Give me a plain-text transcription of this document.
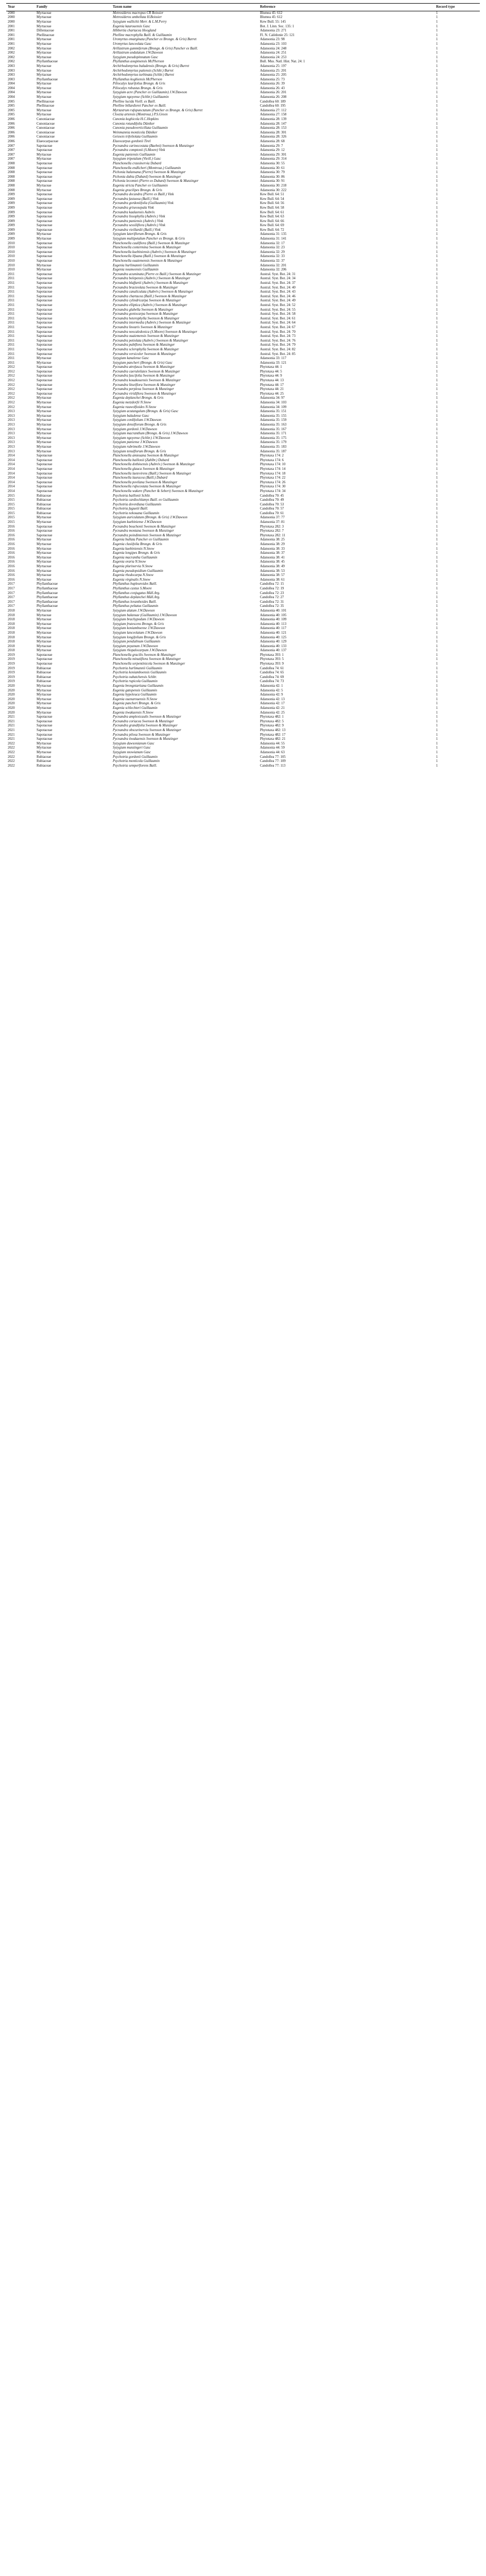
Year	Family	Taxon name	Reference	Record type
2000	Myrtaceae	Metrosideros macropus CR Boissier	Blumea 45: 612	1
2000	Myrtaceae	Metrosideros umbellata H.Boissier	Blumea 45: 612	1
2000	Myrtaceae	Syzygium wallichii Merr. & L.M.Perry	Kew Bull. 55: 145	1
2001	Myrtaceae	Eugenia kaurouensis Gasc	Bot. J. Linn. Soc. 135: 1	1
2001	Dilleniaceae	Hibbertia chartacea Hoogland	Adansonia 23: 271	1
2001	Phellinaceae	Phelline macrophylla Baill. & Guillaumin	Fl. N. Calédonie 25: 121	1
2001	Myrtaceae	Uromyrtus emarginata (Pancher ex Brongn. & Gris) Burret	Adansonia 23: 98	1
2001	Myrtaceae	Uromyrtus lanceolata Gasc	Adansonia 23: 103	1
2002	Myrtaceae	Arillastrum gummiferum (Brongn. & Gris) Pancher ex Baill.	Adansonia 24: 248	1
2002	Myrtaceae	Arillastrum undulatum J.W.Dawson	Adansonia 24: 251	1
2002	Myrtaceae	Syzygium pseudopinnatum Gasc	Adansonia 24: 253	1
2002	Phyllanthaceae	Phyllanthus aoupinensis McPherson	Bull. Mus. Natl. Hist. Nat. 24: 1	1
2003	Myrtaceae	Archirhodomyrtus baladensis (Brongn. & Gris) Burret	Adansonia 25: 197	1
2003	Myrtaceae	Archirhodomyrtus paitensis (Schltr.) Burret	Adansonia 25: 201	1
2003	Myrtaceae	Archirhodomyrtus turbinata (Schltr.) Burret	Adansonia 25: 205	1
2003	Phyllanthaceae	Phyllanthus koghiensis McPherson	Adansonia 25: 73	1
2004	Myrtaceae	Piliocalyx laurifolius Brongn. & Gris	Adansonia 26: 39	1
2004	Myrtaceae	Piliocalyx robustus Brongn. & Gris	Adansonia 26: 43	1
2004	Myrtaceae	Syzygium acre (Pancher ex Guillaumin) J.W.Dawson	Adansonia 26: 201	1
2004	Myrtaceae	Syzygium ngoyense (Schltr.) Guillaumin	Adansonia 26: 208	1
2005	Phellinaceae	Phelline lucida Vieill. ex Baill.	Candollea 60: 189	1
2005	Phellinaceae	Phelline billardierei Pancher ex Baill.	Candollea 60: 195	1
2005	Myrtaceae	Myrtastrum rufopunctatum (Pancher ex Brongn. & Gris) Burret	Adansonia 27: 112	1
2005	Myrtaceae	Cloezia artensis (Montrouz.) P.S.Green	Adansonia 27: 158	1
2006	Cunoniaceae	Cunonia koghicola H.C.Hopkins	Adansonia 28: 139	1
2006	Cunoniaceae	Cunonia rotundifolia Däniker	Adansonia 28: 147	1
2006	Cunoniaceae	Cunonia pseudoverticillata Guillaumin	Adansonia 28: 153	1
2006	Cunoniaceae	Weinmannia monticola Däniker	Adansonia 28: 301	1
2006	Cunoniaceae	Geissois trifoliolata Guillaumin	Adansonia 28: 326	1
2006	Elaeocarpaceae	Elaeocarpus gordonii Tirel	Adansonia 28: 68	1
2007	Sapotaceae	Pycnandra carinocostata (Baehni) Swenson & Munzinger	Adansonia 29: 7	1
2007	Sapotaceae	Pycnandra comptonii (S.Moore) Vink	Adansonia 29: 12	1
2007	Myrtaceae	Eugenia paniensis Guillaumin	Adansonia 29: 301	1
2007	Myrtaceae	Syzygium tripetalum (Vieill.) Gasc	Adansonia 29: 314	1
2008	Sapotaceae	Planchonella crassinervia Dubard	Adansonia 30: 55	1
2008	Sapotaceae	Planchonella endlicheri (Montrouz.) Guillaumin	Adansonia 30: 61	1
2008	Sapotaceae	Pichonia balansana (Pierre) Swenson & Munzinger	Adansonia 30: 79	1
2008	Sapotaceae	Pichonia dubia (Dubard) Swenson & Munzinger	Adansonia 30: 86	1
2008	Sapotaceae	Pichonia lecomtei (Pierre ex Dubard) Swenson & Munzinger	Adansonia 30: 91	1
2008	Myrtaceae	Eugenia stricta Pancher ex Guillaumin	Adansonia 30: 218	1
2008	Myrtaceae	Eugenia gracilipes Brongn. & Gris	Adansonia 30: 222	1
2009	Sapotaceae	Pycnandra decandra (Pierre ex Baill.) Vink	Kew Bull. 64: 51	1
2009	Sapotaceae	Pycnandra fastuosa (Baill.) Vink	Kew Bull. 64: 54	1
2009	Sapotaceae	Pycnandra gordoniifolia (Guillaumin) Vink	Kew Bull. 64: 56	1
2009	Sapotaceae	Pycnandra griseosepala Vink	Kew Bull. 64: 58	1
2009	Sapotaceae	Pycnandra kaalaensis Aubrév.	Kew Bull. 64: 61	1
2009	Sapotaceae	Pycnandra lissophylla (Aubrév.) Vink	Kew Bull. 64: 63	1
2009	Sapotaceae	Pycnandra paniensis (Aubrév.) Vink	Kew Bull. 64: 66	1
2009	Sapotaceae	Pycnandra sessiliflora (Aubrév.) Vink	Kew Bull. 64: 69	1
2009	Sapotaceae	Pycnandra vieillardii (Baill.) Vink	Kew Bull. 64: 72	1
2009	Myrtaceae	Syzygium lateriflorum Brongn. & Gris	Adansonia 31: 135	1
2009	Myrtaceae	Syzygium multipetalum Pancher ex Brongn. & Gris	Adansonia 31: 141	1
2010	Sapotaceae	Planchonella cauliflora (Baill.) Swenson & Munzinger	Adansonia 32: 17	1
2010	Sapotaceae	Planchonella contermina Swenson & Munzinger	Adansonia 32: 23	1
2010	Sapotaceae	Planchonella kuebiniensis (Aubrév.) Swenson & Munzinger	Adansonia 32: 29	1
2010	Sapotaceae	Planchonella lifuana (Baill.) Swenson & Munzinger	Adansonia 32: 33	1
2010	Sapotaceae	Planchonella ouaiemensis Swenson & Munzinger	Adansonia 32: 37	1
2010	Myrtaceae	Eugenia hurlimannii Guillaumin	Adansonia 32: 201	1
2010	Myrtaceae	Eugenia noumeensis Guillaumin	Adansonia 32: 206	1
2011	Sapotaceae	Pycnandra acuminata (Pierre ex Baill.) Swenson & Munzinger	Austral. Syst. Bot. 24: 31	1
2011	Sapotaceae	Pycnandra belepensis (Aubrév.) Swenson & Munzinger	Austral. Syst. Bot. 24: 34	1
2011	Sapotaceae	Pycnandra blaffartii (Aubrév.) Swenson & Munzinger	Austral. Syst. Bot. 24: 37	1
2011	Sapotaceae	Pycnandra bracteolata Swenson & Munzinger	Austral. Syst. Bot. 24: 40	1
2011	Sapotaceae	Pycnandra canaliculata (Aubrév.) Swenson & Munzinger	Austral. Syst. Bot. 24: 43	1
2011	Sapotaceae	Pycnandra chartacea (Baill.) Swenson & Munzinger	Austral. Syst. Bot. 24: 46	1
2011	Sapotaceae	Pycnandra cylindricarpa Swenson & Munzinger	Austral. Syst. Bot. 24: 49	1
2011	Sapotaceae	Pycnandra elliptica (Aubrév.) Swenson & Munzinger	Austral. Syst. Bot. 24: 52	1
2011	Sapotaceae	Pycnandra glabella Swenson & Munzinger	Austral. Syst. Bot. 24: 55	1
2011	Sapotaceae	Pycnandra goniocarpa Swenson & Munzinger	Austral. Syst. Bot. 24: 58	1
2011	Sapotaceae	Pycnandra heterophylla Swenson & Munzinger	Austral. Syst. Bot. 24: 61	1
2011	Sapotaceae	Pycnandra intermedia (Aubrév.) Swenson & Munzinger	Austral. Syst. Bot. 24: 64	1
2011	Sapotaceae	Pycnandra linearis Swenson & Munzinger	Austral. Syst. Bot. 24: 67	1
2011	Sapotaceae	Pycnandra neocaledonica (S.Moore) Swenson & Munzinger	Austral. Syst. Bot. 24: 70	1
2011	Sapotaceae	Pycnandra ouaiemensis Swenson & Munzinger	Austral. Syst. Bot. 24: 73	1
2011	Sapotaceae	Pycnandra petiolata (Aubrév.) Swenson & Munzinger	Austral. Syst. Bot. 24: 76	1
2011	Sapotaceae	Pycnandra pubiflora Swenson & Munzinger	Austral. Syst. Bot. 24: 79	1
2011	Sapotaceae	Pycnandra sclerophylla Swenson & Munzinger	Austral. Syst. Bot. 24: 82	1
2011	Sapotaceae	Pycnandra versicolor Swenson & Munzinger	Austral. Syst. Bot. 24: 85	1
2011	Myrtaceae	Syzygium kanalense Gasc	Adansonia 33: 117	1
2011	Myrtaceae	Syzygium pancheri (Brongn. & Gris) Gasc	Adansonia 33: 121	1
2012	Sapotaceae	Pycnandra atrofusca Swenson & Munzinger	Phytotaxa 44: 1	1
2012	Sapotaceae	Pycnandra caeruleilatex Swenson & Munzinger	Phytotaxa 44: 5	1
2012	Sapotaceae	Pycnandra fuscifolia Swenson & Munzinger	Phytotaxa 44: 9	1
2012	Sapotaceae	Pycnandra kouakouensis Swenson & Munzinger	Phytotaxa 44: 13	1
2012	Sapotaceae	Pycnandra litseiflora Swenson & Munzinger	Phytotaxa 44: 17	1
2012	Sapotaceae	Pycnandra perplexa Swenson & Munzinger	Phytotaxa 44: 21	1
2012	Sapotaceae	Pycnandra viridiflora Swenson & Munzinger	Phytotaxa 44: 25	1
2012	Myrtaceae	Eugenia deplanchei Brongn. & Gris	Adansonia 34: 97	1
2012	Myrtaceae	Eugenia metzdorfii N.Snow	Adansonia 34: 103	1
2012	Myrtaceae	Eugenia rauwolfioides N.Snow	Adansonia 34: 109	1
2013	Myrtaceae	Syzygium acutangulum (Brongn. & Gris) Gasc	Adansonia 35: 151	1
2013	Myrtaceae	Syzygium baladense Gasc	Adansonia 35: 155	1
2013	Myrtaceae	Syzygium cordifolium J.W.Dawson	Adansonia 35: 159	1
2013	Myrtaceae	Syzygium densiflorum Brongn. & Gris	Adansonia 35: 163	1
2013	Myrtaceae	Syzygium gordonii J.W.Dawson	Adansonia 35: 167	1
2013	Myrtaceae	Syzygium macranthum (Brongn. & Gris) J.W.Dawson	Adansonia 35: 171	1
2013	Myrtaceae	Syzygium ngoyense (Schltr.) J.W.Dawson	Adansonia 35: 175	1
2013	Myrtaceae	Syzygium paniense J.W.Dawson	Adansonia 35: 179	1
2013	Myrtaceae	Syzygium rubrimolle J.W.Dawson	Adansonia 35: 183	1
2013	Myrtaceae	Syzygium tenuiflorum Brongn. & Gris	Adansonia 35: 187	1
2014	Sapotaceae	Planchonella amieuana Swenson & Munzinger	Phytotaxa 174: 2	1
2014	Sapotaceae	Planchonella baillonii (Zahlbr.) Dubard	Phytotaxa 174: 6	1
2014	Sapotaceae	Planchonella dothioensis (Aubrév.) Swenson & Munzinger	Phytotaxa 174: 10	1
2014	Sapotaceae	Planchonella glauca Swenson & Munzinger	Phytotaxa 174: 14	1
2014	Sapotaceae	Planchonella laetevirens (Baill.) Swenson & Munzinger	Phytotaxa 174: 18	1
2014	Sapotaceae	Planchonella lauracea (Baill.) Dubard	Phytotaxa 174: 22	1
2014	Sapotaceae	Planchonella povilana Swenson & Munzinger	Phytotaxa 174: 26	1
2014	Sapotaceae	Planchonella rufocostata Swenson & Munzinger	Phytotaxa 174: 30	1
2014	Sapotaceae	Planchonella wakere (Pancher & Sebert) Swenson & Munzinger	Phytotaxa 174: 34	1
2015	Rubiaceae	Psychotria baillonii Schltr.	Candollea 70: 45	1
2015	Rubiaceae	Psychotria cardiochlamys Baill. ex Guillaumin	Candollea 70: 49	1
2015	Rubiaceae	Psychotria deverdiana Guillaumin	Candollea 70: 53	1
2015	Rubiaceae	Psychotria faguetii Baill.	Candollea 70: 57	1
2015	Rubiaceae	Psychotria nekouana Guillaumin	Candollea 70: 61	1
2015	Myrtaceae	Syzygium auriculatum (Brongn. & Gris) J.W.Dawson	Adansonia 37: 77	1
2015	Myrtaceae	Syzygium kuebiniense J.W.Dawson	Adansonia 37: 81	1
2016	Sapotaceae	Pycnandra bouchonii Swenson & Munzinger	Phytotaxa 282: 3	1
2016	Sapotaceae	Pycnandra montana Swenson & Munzinger	Phytotaxa 282: 7	1
2016	Sapotaceae	Pycnandra poindimiensis Swenson & Munzinger	Phytotaxa 282: 11	1
2016	Myrtaceae	Eugenia bullata Pancher ex Guillaumin	Adansonia 38: 25	1
2016	Myrtaceae	Eugenia clusiifolia Brongn. & Gris	Adansonia 38: 29	1
2016	Myrtaceae	Eugenia kuebiniensis N.Snow	Adansonia 38: 33	1
2016	Myrtaceae	Eugenia longipes Brongn. & Gris	Adansonia 38: 37	1
2016	Myrtaceae	Eugenia macrantha Guillaumin	Adansonia 38: 41	1
2016	Myrtaceae	Eugenia oraria N.Snow	Adansonia 38: 45	1
2016	Myrtaceae	Eugenia plurinervia N.Snow	Adansonia 38: 49	1
2016	Myrtaceae	Eugenia pseudopsidium Guillaumin	Adansonia 38: 53	1
2016	Myrtaceae	Eugenia rhodocarpa N.Snow	Adansonia 38: 57	1
2016	Myrtaceae	Eugenia virginalis N.Snow	Adansonia 38: 61	1
2017	Phyllanthaceae	Phyllanthus bupleuroides Baill.	Candollea 72: 15	1
2017	Phyllanthaceae	Phyllanthus castus S.Moore	Candollea 72: 19	1
2017	Phyllanthaceae	Phyllanthus conjugatus Müll.Arg.	Candollea 72: 23	1
2017	Phyllanthaceae	Phyllanthus deplanchei Müll.Arg.	Candollea 72: 27	1
2017	Phyllanthaceae	Phyllanthus loranthoides Baill.	Candollea 72: 31	1
2017	Phyllanthaceae	Phyllanthus peltatus Guillaumin	Candollea 72: 35	1
2018	Myrtaceae	Syzygium alatum J.W.Dawson	Adansonia 40: 101	1
2018	Myrtaceae	Syzygium balansae (Guillaumin) J.W.Dawson	Adansonia 40: 105	1
2018	Myrtaceae	Syzygium brachypodum J.W.Dawson	Adansonia 40: 109	1
2018	Myrtaceae	Syzygium frutescens Brongn. & Gris	Adansonia 40: 113	1
2018	Myrtaceae	Syzygium koniamboense J.W.Dawson	Adansonia 40: 117	1
2018	Myrtaceae	Syzygium lanceolatum J.W.Dawson	Adansonia 40: 121	1
2018	Myrtaceae	Syzygium longifolium Brongn. & Gris	Adansonia 40: 125	1
2018	Myrtaceae	Syzygium pendulinum Guillaumin	Adansonia 40: 129	1
2018	Myrtaceae	Syzygium poyanum J.W.Dawson	Adansonia 40: 133	1
2018	Myrtaceae	Syzygium rhopalocarpum J.W.Dawson	Adansonia 40: 137	1
2019	Sapotaceae	Planchonella gracilis Swenson & Munzinger	Phytotaxa 393: 1	1
2019	Sapotaceae	Planchonella minutiflora Swenson & Munzinger	Phytotaxa 393: 5	1
2019	Sapotaceae	Planchonella serpentinicola Swenson & Munzinger	Phytotaxa 393: 9	1
2019	Rubiaceae	Psychotria hurlimannii Guillaumin	Candollea 74: 61	1
2019	Rubiaceae	Psychotria koniamboensis Guillaumin	Candollea 74: 65	1
2019	Rubiaceae	Psychotria oubatchensis Schltr.	Candollea 74: 69	1
2019	Rubiaceae	Psychotria rupicola Guillaumin	Candollea 74: 73	1
2020	Myrtaceae	Eugenia brongniartiana Guillaumin	Adansonia 42: 1	1
2020	Myrtaceae	Eugenia gatopensis Guillaumin	Adansonia 42: 5	1
2020	Myrtaceae	Eugenia hypoleuca Guillaumin	Adansonia 42: 9	1
2020	Myrtaceae	Eugenia ouenarouensis N.Snow	Adansonia 42: 13	1
2020	Myrtaceae	Eugenia pancheri Brongn. & Gris	Adansonia 42: 17	1
2020	Myrtaceae	Eugenia schlechteri Guillaumin	Adansonia 42: 21	1
2020	Myrtaceae	Eugenia tiwakaensis N.Snow	Adansonia 42: 25	1
2021	Sapotaceae	Pycnandra amplexicaulis Swenson & Munzinger	Phytotaxa 482: 1	1
2021	Sapotaceae	Pycnandra coriacea Swenson & Munzinger	Phytotaxa 482: 5	1
2021	Sapotaceae	Pycnandra grandifolia Swenson & Munzinger	Phytotaxa 482: 9	1
2021	Sapotaceae	Pycnandra obscurinervia Swenson & Munzinger	Phytotaxa 482: 13	1
2021	Sapotaceae	Pycnandra pilosa Swenson & Munzinger	Phytotaxa 482: 17	1
2021	Sapotaceae	Pycnandra tiwakaensis Swenson & Munzinger	Phytotaxa 482: 21	1
2022	Myrtaceae	Syzygium dawsonianum Gasc	Adansonia 44: 55	1
2022	Myrtaceae	Syzygium munzingeri Gasc	Adansonia 44: 59	1
2022	Myrtaceae	Syzygium snowianum Gasc	Adansonia 44: 63	1
2022	Rubiaceae	Psychotria gordonii Guillaumin	Candollea 77: 105	1
2022	Rubiaceae	Psychotria monticola Guillaumin	Candollea 77: 109	1
2022	Rubiaceae	Psychotria semperflorens Baill.	Candollea 77: 113	1
